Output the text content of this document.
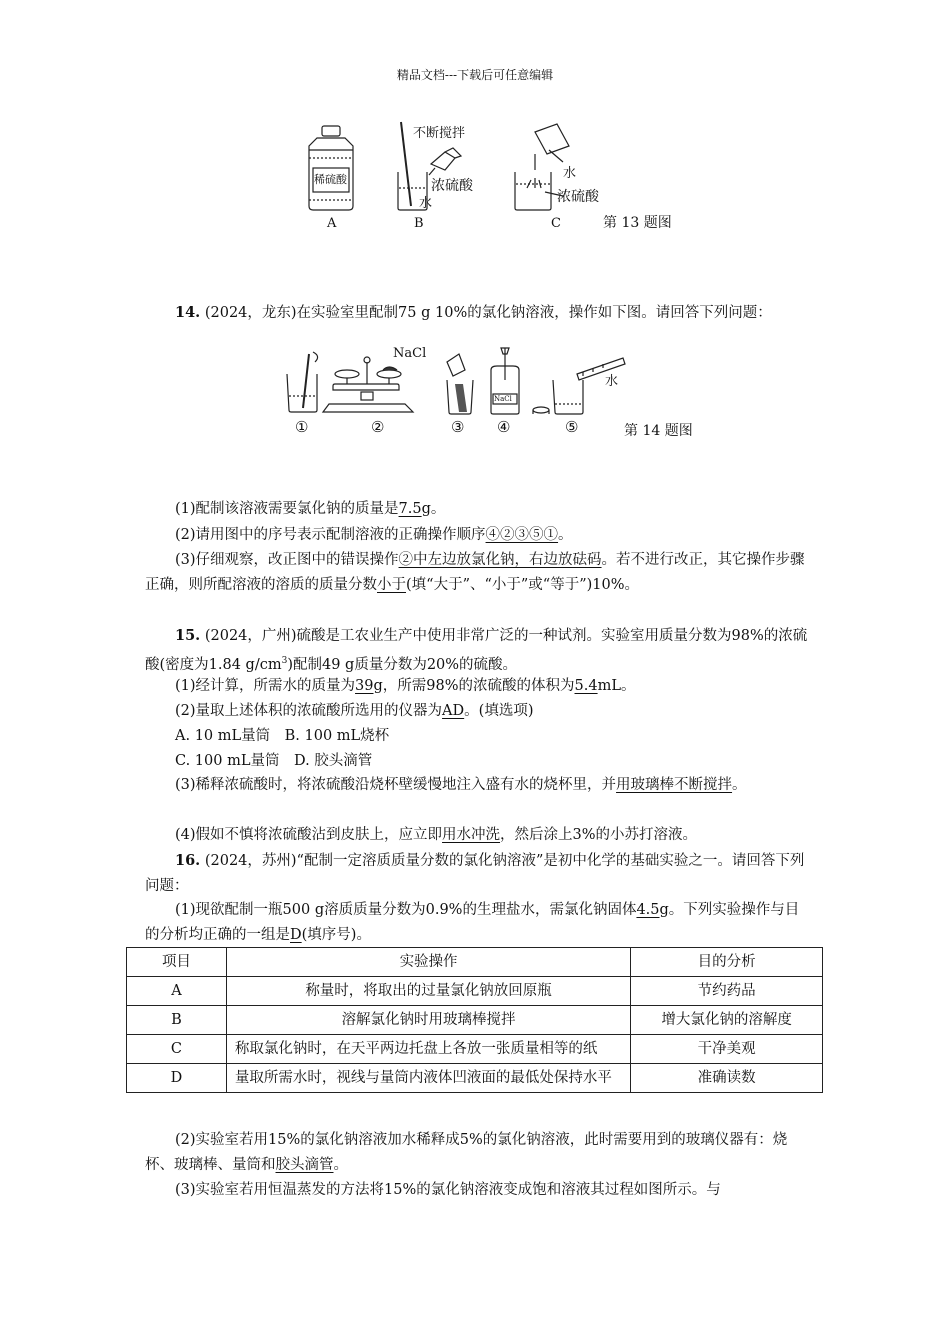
精品文档---下载后可任意编辑
稀硫酸
A
不断搅拌
浓硫酸
水
B
水
浓硫酸
C	第 13 题图
14. (2024，龙东)在实验室里配制75 g 10%的氯化钠溶液，操作如下图。请回答下列问题：
NaCl
NaCl
水
①	②	③ ④	⑤	第 14 题图
(1)配制该溶液需要氯化钠的质量是7.5g。
(2)请用图中的序号表示配制溶液的正确操作顺序④②③⑤①。
(3)仔细观察，改正图中的错误操作②中左边放氯化钠，右边放砝码。若不进行改正，其它操作步骤正确，则所配溶液的溶质的质量分数小于(填“大于”、“小于”或“等于”)10%。
15. (2024，广州)硫酸是工农业生产中使用非常广泛的一种试剂。实验室用质量分数为98%的浓硫酸(密度为1.84 $g/cm^3$)配制49 g质量分数为20%的硫酸。
(1)经计算，所需水的质量为39g，所需98%的浓硫酸的体积为5.4mL。
(2)量取上述体积的浓硫酸所选用的仪器为AD。(填选项)
A. 10 mL量筒　B. 100 mL烧杯
C. 100 mL量筒　D. 胶头滴管
(3)稀释浓硫酸时，将浓硫酸沿烧杯壁缓慢地注入盛有水的烧杯里，并用玻璃棒不断搅拌。
(4)假如不慎将浓硫酸沾到皮肤上，应立即用水冲洗，然后涂上3%的小苏打溶液。
16. (2024，苏州)“配制一定溶质质量分数的氯化钠溶液”是初中化学的基础实验之一。请回答下列问题：
(1)现欲配制一瓶500 g溶质质量分数为0.9%的生理盐水，需氯化钠固体4.5g。下列实验操作与目的分析均正确的一组是D(填序号)。
项目	实验操作	目的分析
A	称量时，将取出的过量氯化钠放回原瓶	节约药品
B	溶解氯化钠时用玻璃棒搅拌	增大氯化钠的溶解度
C	称取氯化钠时，在天平两边托盘上各放一张质量相等的纸	干净美观
D	量取所需水时，视线与量筒内液体凹液面的最低处保持水平	准确读数
(2)实验室若用15%的氯化钠溶液加水稀释成5%的氯化钠溶液，此时需要用到的玻璃仪器有：烧杯、玻璃棒、量筒和胶头滴管。
(3)实验室若用恒温蒸发的方法将15%的氯化钠溶液变成饱和溶液其过程如图所示。与
